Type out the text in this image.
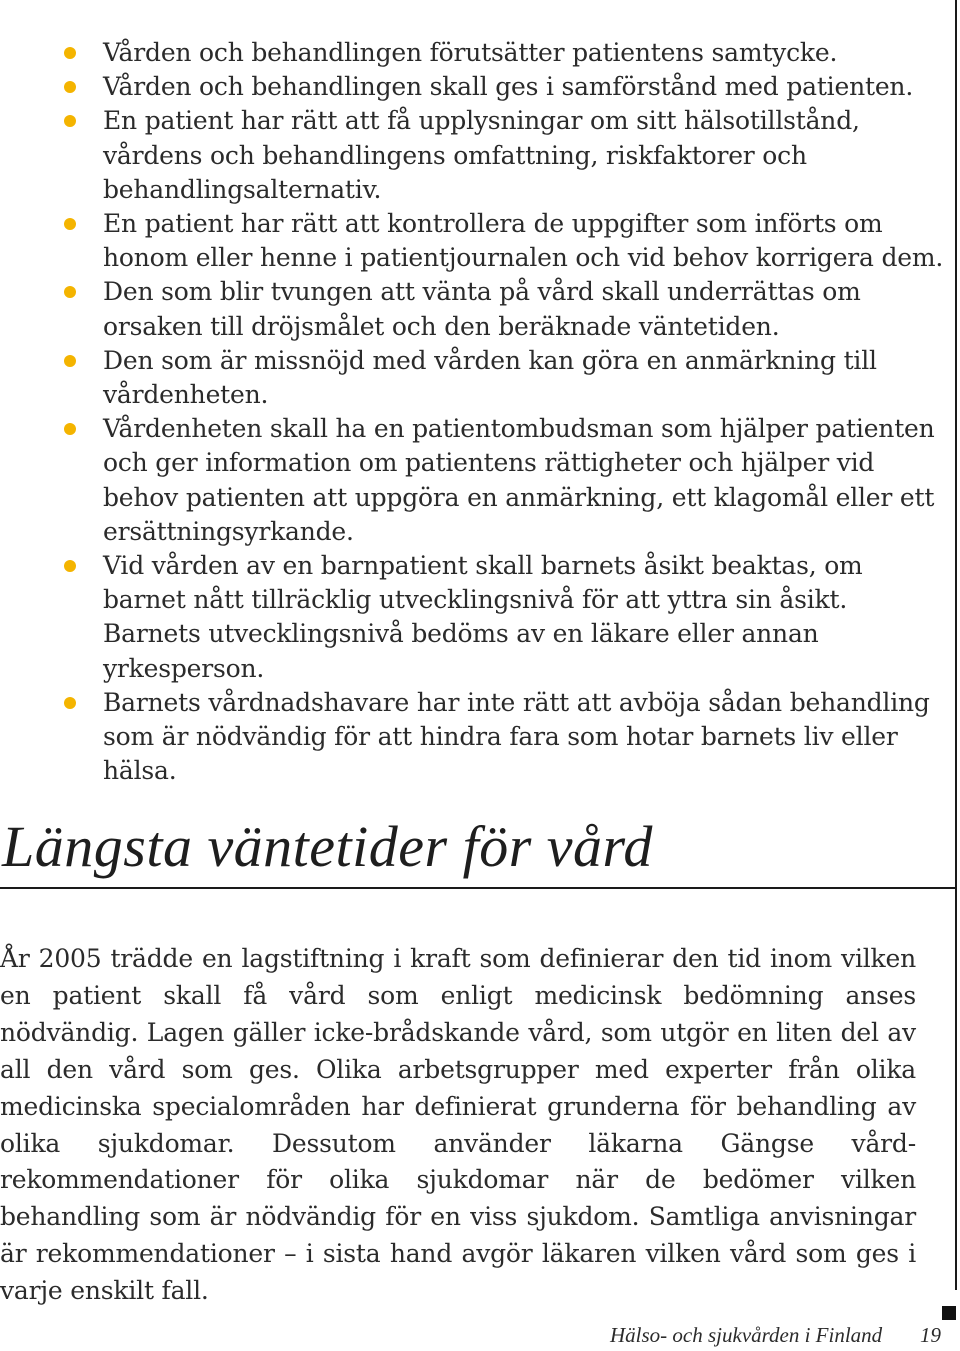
Vården och behandlingen förutsätter patientens samtycke.
Vården och behandlingen skall ges i samförstånd med patienten.
En patient har rätt att få upplysningar om sitt hälsotillstånd, vårdens och behandlingens omfattning, riskfaktorer och behandlingsalternativ.
En patient har rätt att kontrollera de uppgifter som införts om honom eller henne i patientjournalen och vid behov korrigera dem.
Den som blir tvungen att vänta på vård skall underrättas om orsaken till dröjsmålet och den beräknade väntetiden.
Den som är missnöjd med vården kan göra en anmärkning till vårdenheten.
Vårdenheten skall ha en patientombudsman som hjälper patienten och ger information om patientens rättigheter och hjälper vid behov patienten att uppgöra en anmärkning, ett klagomål eller ett ersättningsyrkande.
Vid vården av en barnpatient skall barnets åsikt beaktas, om barnet nått tillräcklig utvecklingsnivå för att yttra sin åsikt. Barnets utvecklingsnivå bedöms av en läkare eller annan yrkesperson.
Barnets vårdnadshavare har inte rätt att avböja sådan behandling som är nödvändig för att hindra fara som hotar barnets liv eller hälsa.
Längsta väntetider för vård

År 2005 trädde en lagstiftning i kraft som definierar den tid inom vilken en patient skall få vård som enligt medicinsk bedömning anses nödvändig. Lagen gäller icke-brådskande vård, som utgör en liten del av all den vård som ges. Olika arbetsgrupper med experter från olika medicinska specialområden har definierat grunderna för behandling av olika sjukdomar. Dessutom använder läkarna Gängse vård-rekommendationer för olika sjukdomar när de bedömer vilken behandling som är nödvändig för en viss sjukdom. Samtliga anvisningar är rekommendationer – i sista hand avgör läkaren vilken vård som ges i varje enskilt fall.

Hälso- och sjukvården i Finland 19
